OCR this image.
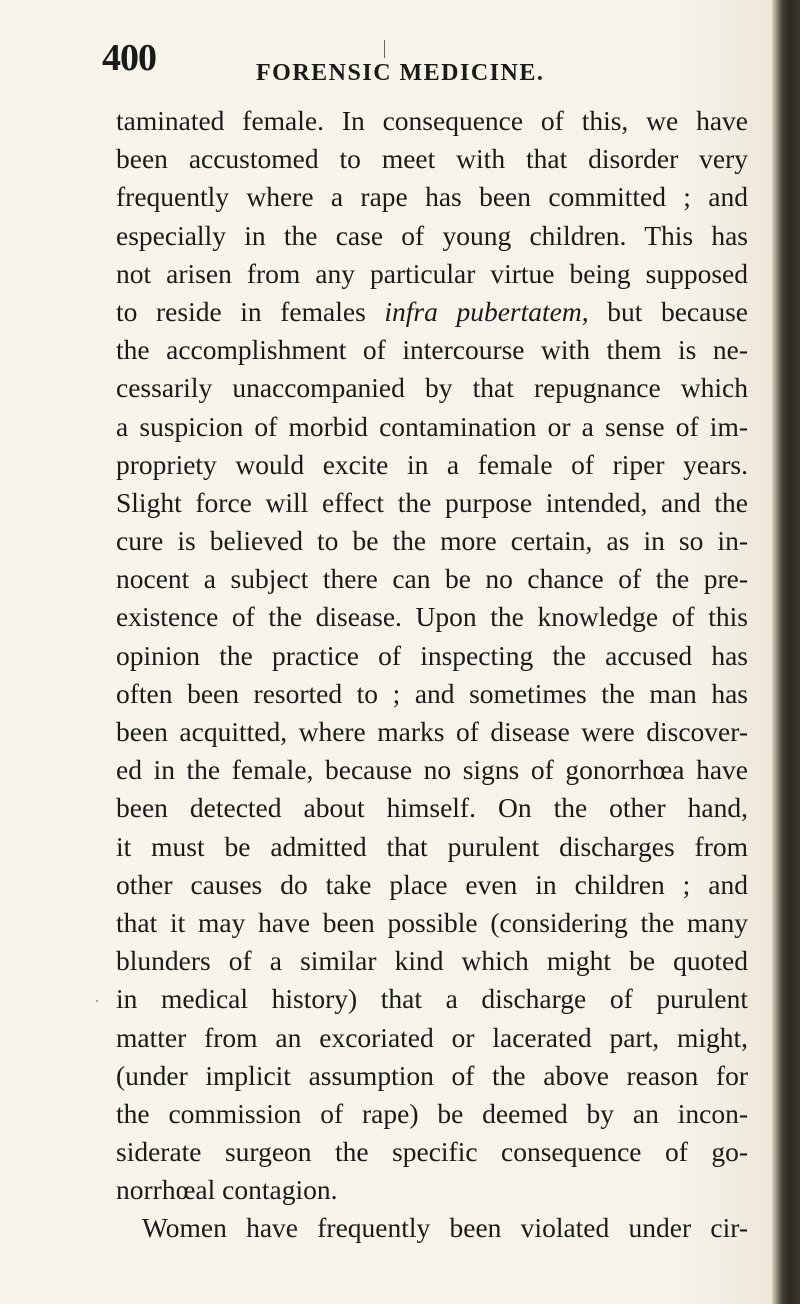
400	FORENSIC MEDICINE.
taminated female. In consequence of this, we have
been accustomed to meet with that disorder very
frequently where a rape has been committed ; and
especially in the case of young children. This has
not arisen from any particular virtue being supposed
to reside in females infra pubertatem, but because
the accomplishment of intercourse with them is ne-
cessarily unaccompanied by that repugnance which
a suspicion of morbid contamination or a sense of im-
propriety would excite in a female of riper years.
Slight force will effect the purpose intended, and the
cure is believed to be the more certain, as in so in-
nocent a subject there can be no chance of the pre-
existence of the disease. Upon the knowledge of this
opinion the practice of inspecting the accused has
often been resorted to ; and sometimes the man has
been acquitted, where marks of disease were discover-
ed in the female, because no signs of gonorrhœa have
been detected about himself. On the other hand,
it must be admitted that purulent discharges from
other causes do take place even in children ; and
that it may have been possible (considering the many
blunders of a similar kind which might be quoted
in medical history) that a discharge of purulent
matter from an excoriated or lacerated part, might,
(under implicit assumption of the above reason for
the commission of rape) be deemed by an incon-
siderate surgeon the specific consequence of go-
norrhœal contagion.
Women have frequently been violated under cir-
